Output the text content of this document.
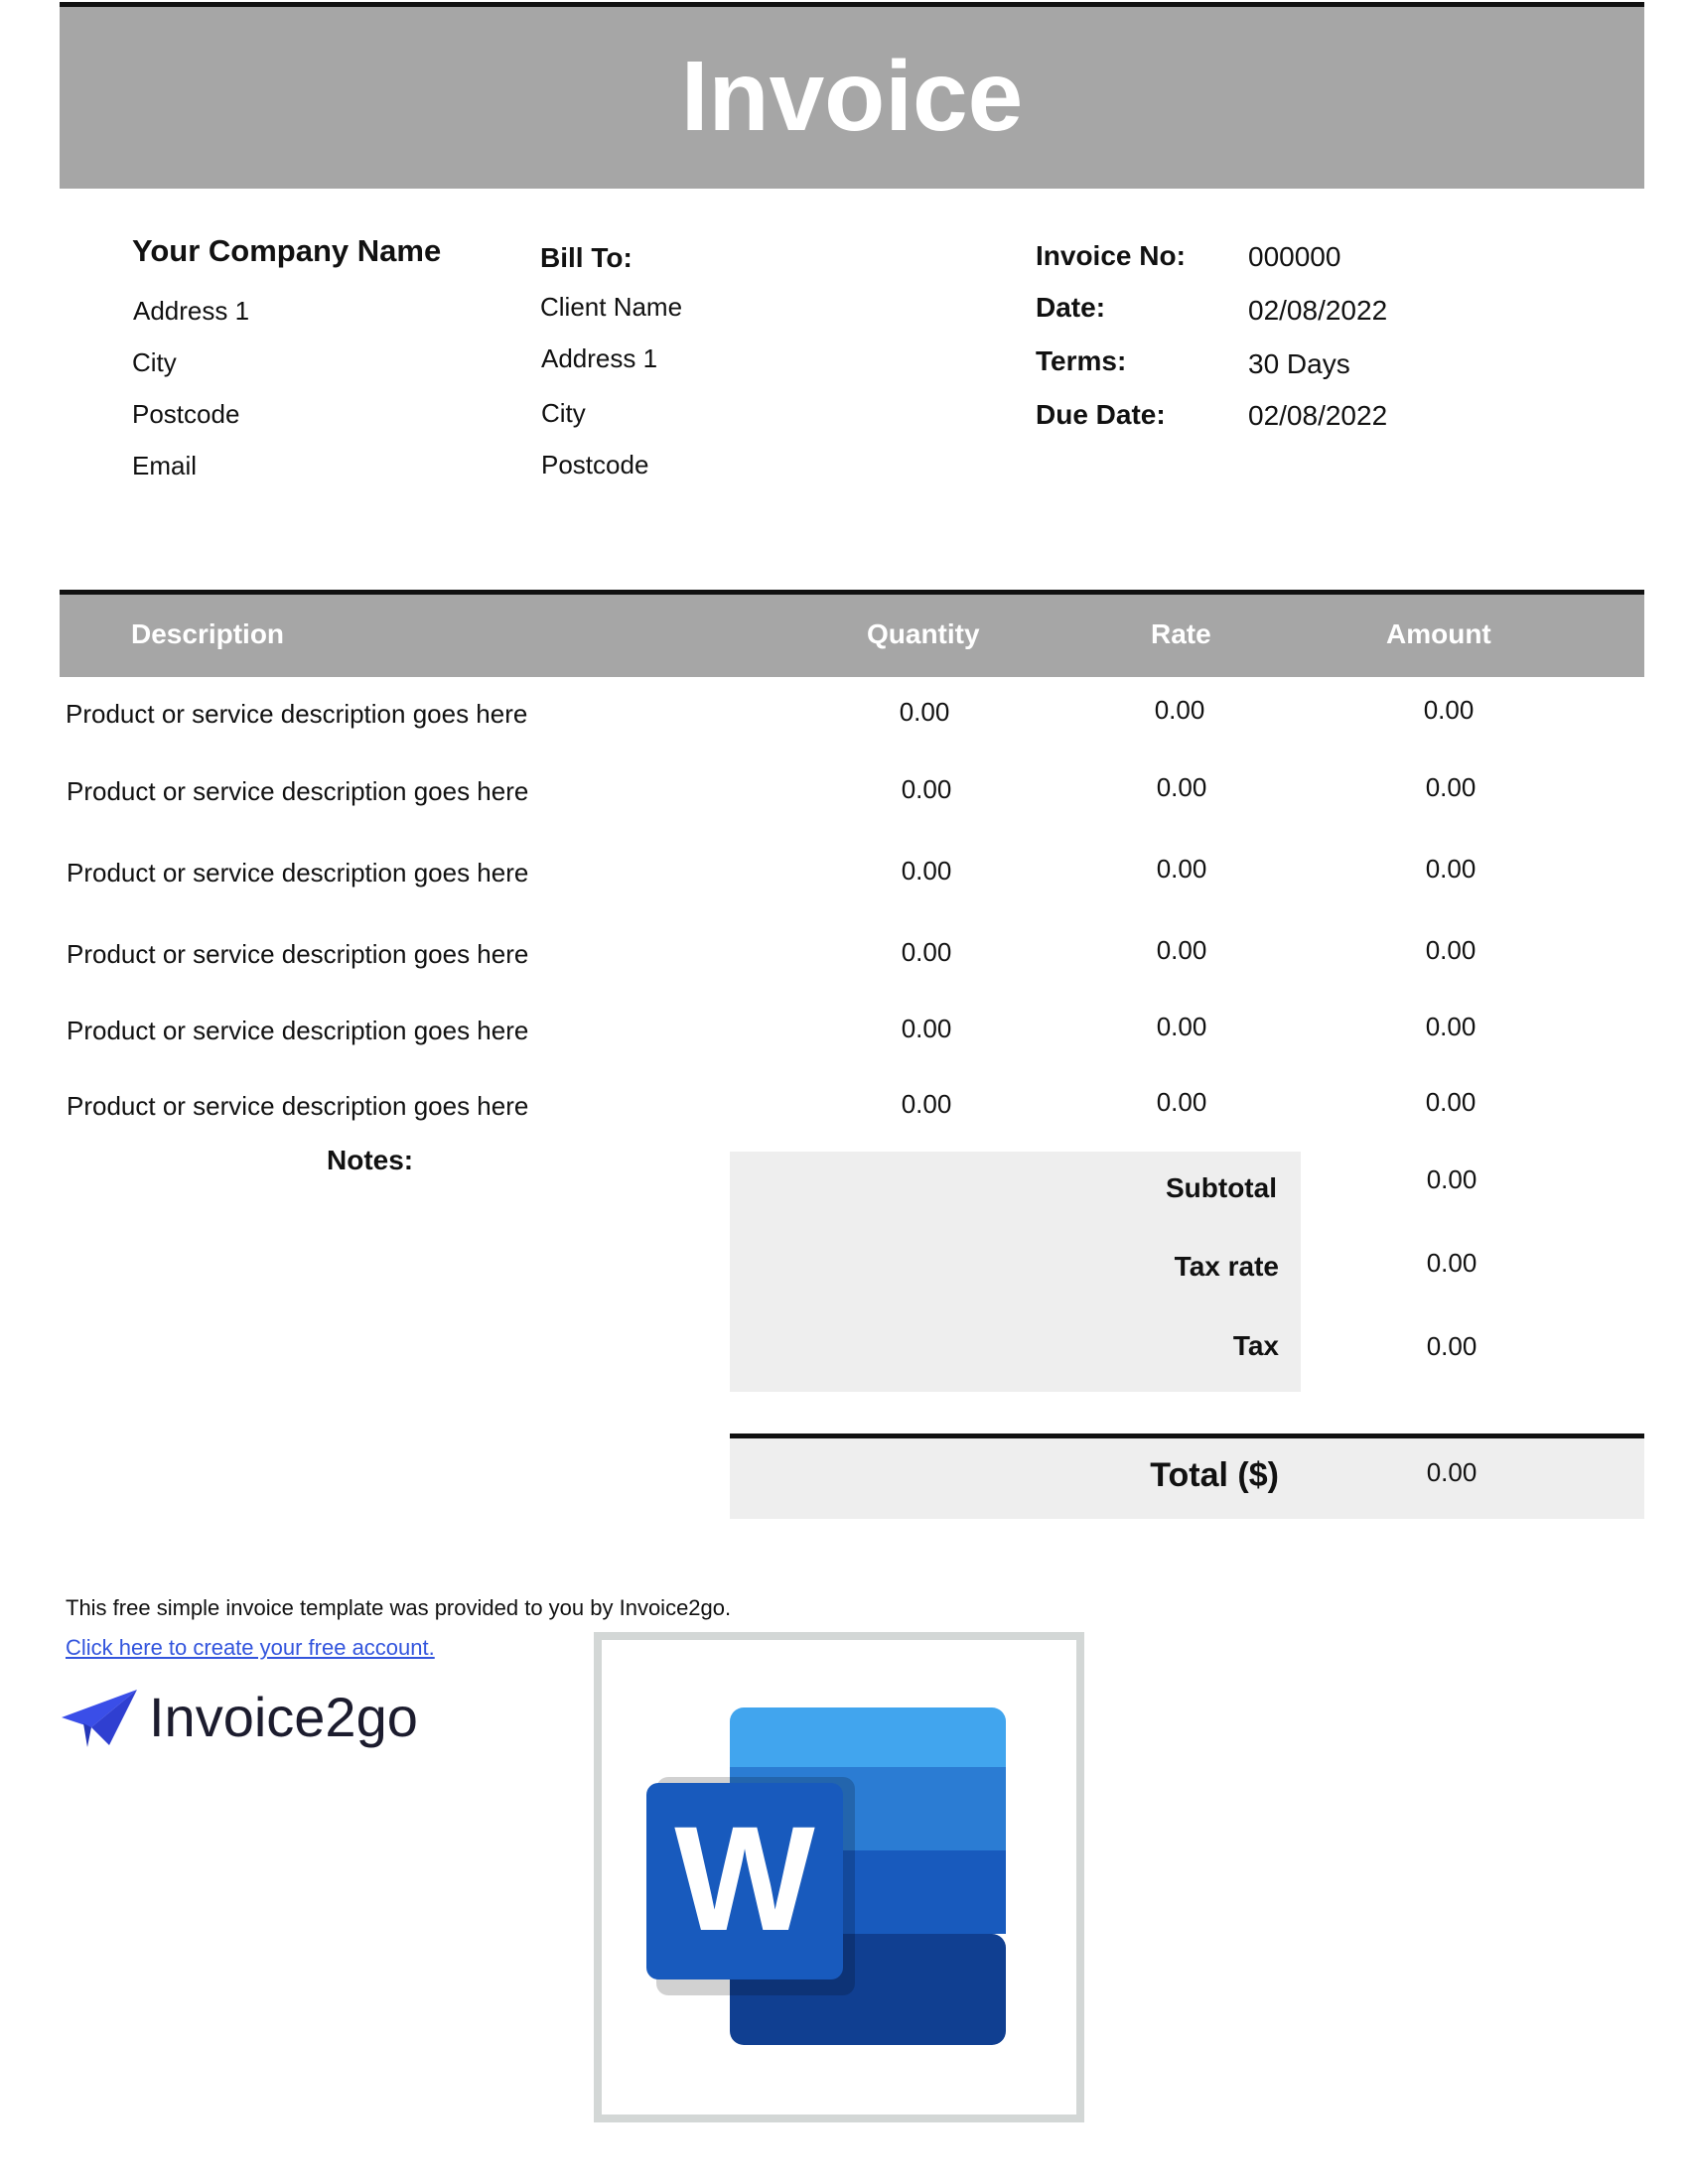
Invoice
Your Company Name
Address 1
City
Postcode
Email
Bill To:
Client Name
Address 1
City
Postcode
Invoice No: 000000
Date:	02/08/2022
Terms:	30 Days
Due Date:	02/08/2022
Description	Quantity	Rate	Amount
Product or service description goes here	0.00	0.00	0.00
Product or service description goes here	0.00	0.00	0.00
Product or service description goes here	0.00	0.00	0.00
Product or service description goes here	0.00	0.00	0.00
Product or service description goes here	0.00	0.00	0.00
Product or service description goes here	0.00	0.00	0.00
Notes:
Subtotal	0.00
Tax rate	0.00
Tax	0.00
Total ($)	0.00
This free simple invoice template was provided to you by Invoice2go.
Click here to create your free account.
Invoice2go
W
